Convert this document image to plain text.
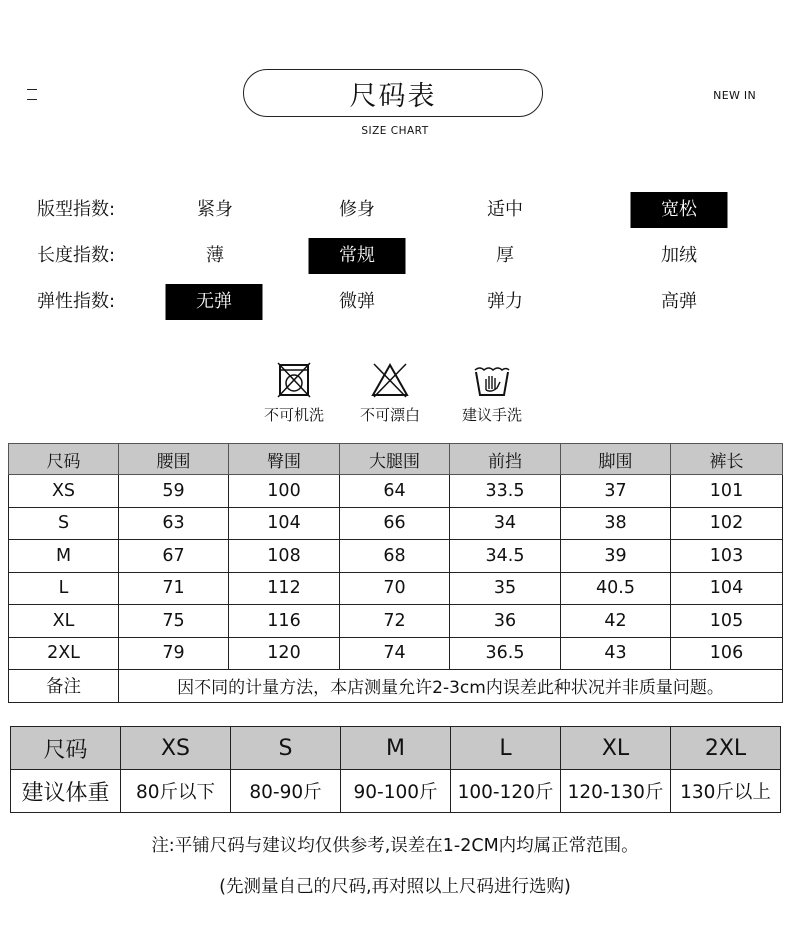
NEW IN
尺码表
SIZE CHART
版型指数:	紧身	修身	适中	宽松
长度指数:	薄	常规	厚	加绒
弹性指数:	无弹	微弹	弹力	高弹
不可机洗	不可漂白	建议手洗
尺码	腰围	臀围	大腿围	前挡	脚围	裤长
XS	59	100	64	33.5	37	101
S	63	104	66	34	38	102
M	67	108	68	34.5	39	103
L	71	112	70	35	40.5	104
XL	75	116	72	36	42	105
2XL	79	120	74	36.5	43	106
备注	因不同的计量方法，本店测量允许2-3cm内误差此种状况并非质量问题。					
尺码	XS	S	M	L	XL	2XL
建议体重	80斤以下	80-90斤	90-100斤	100-120斤	120-130斤	130斤以上
注:平铺尺码与建议均仅供参考,误差在1-2CM内均属正常范围。
(先测量自己的尺码,再对照以上尺码进行选购)
